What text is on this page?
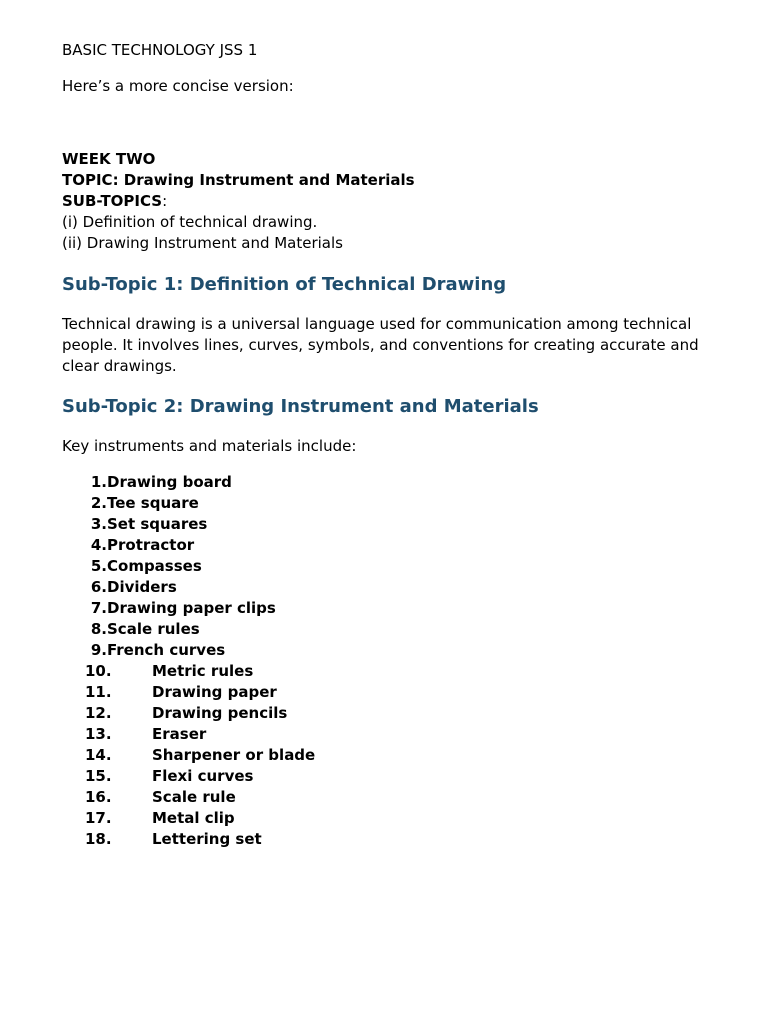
BASIC TECHNOLOGY JSS 1

Here’s a more concise version:

WEEK TWO

TOPIC: Drawing Instrument and Materials

SUB-TOPICS:

(i) Definition of technical drawing.

(ii) Drawing Instrument and Materials

Sub-Topic 1: Definition of Technical Drawing

Technical drawing is a universal language used for communication among technical people. It involves lines, curves, symbols, and conventions for creating accurate and clear drawings.

Sub-Topic 2: Drawing Instrument and Materials

Key instruments and materials include:

1. Drawing board
2. Tee square
3. Set squares
4. Protractor
5. Compasses
6. Dividers
7. Drawing paper clips
8. Scale rules
9. French curves
10.	Metric rules
11.	Drawing paper
12.	Drawing pencils
13.	Eraser
14.	Sharpener or blade
15.	Flexi curves
16.	Scale rule
17.	Metal clip
18.	Lettering set
